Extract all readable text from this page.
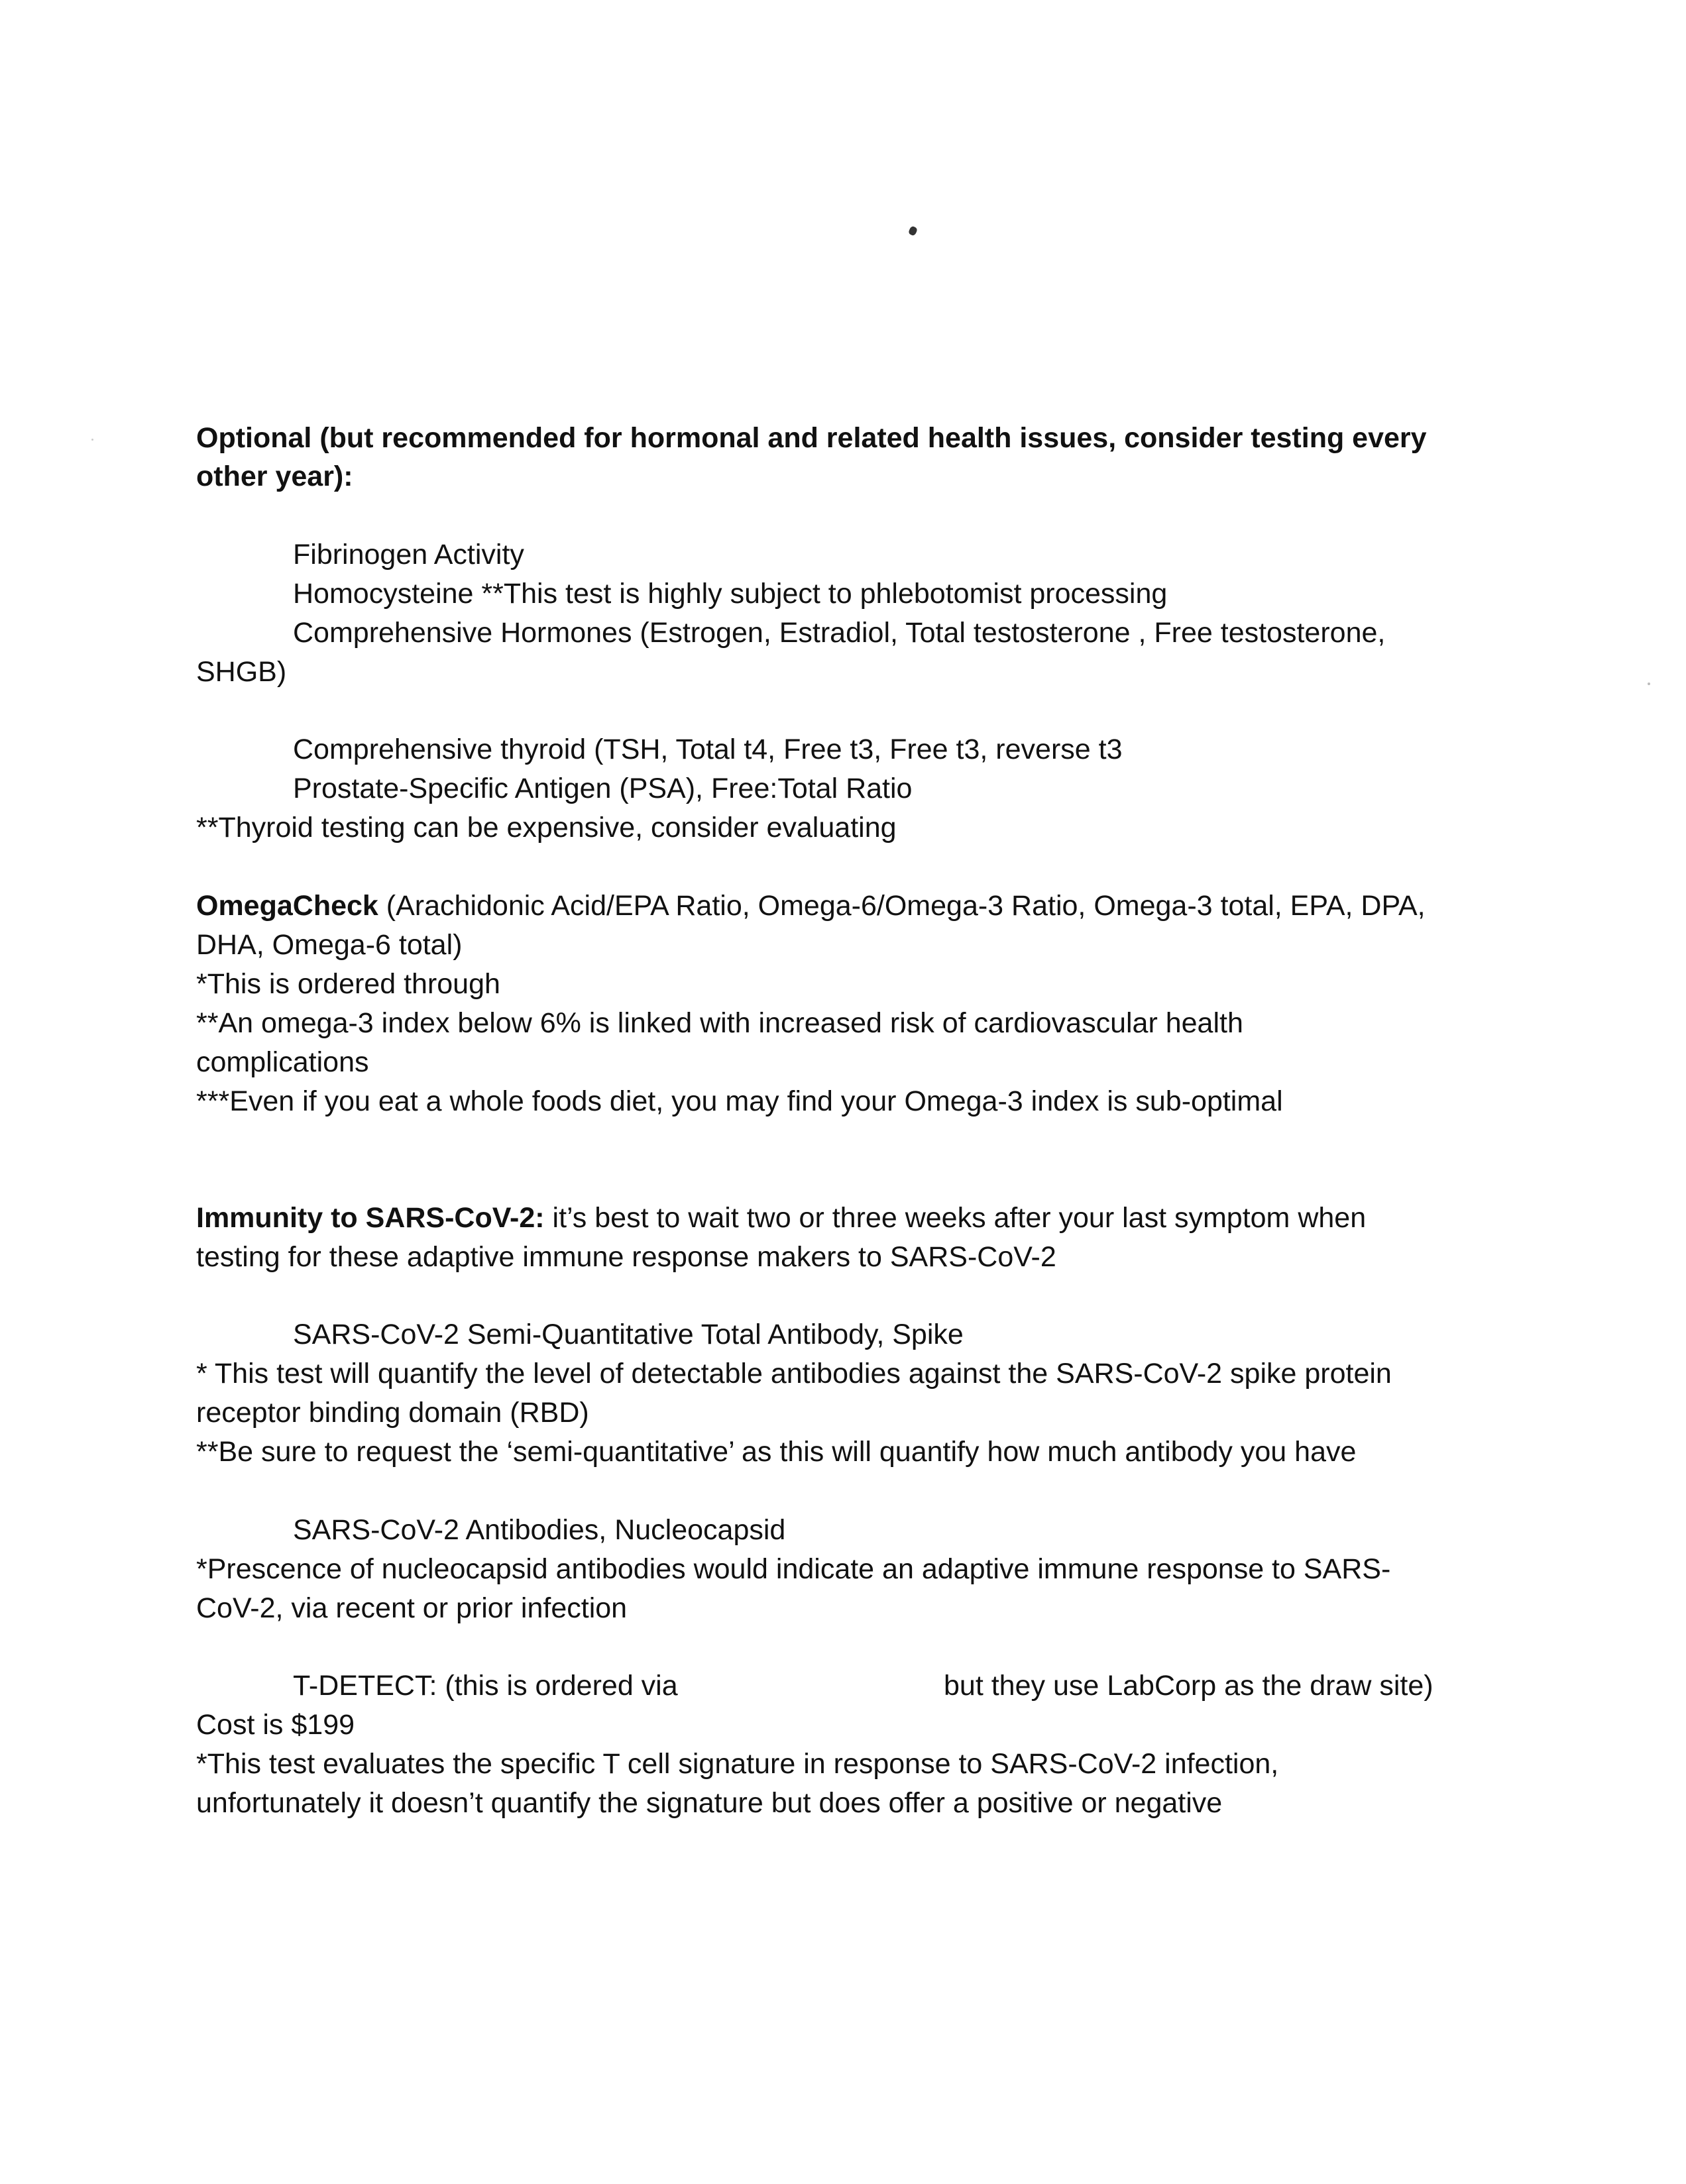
Optional (but recommended for hormonal and related health issues, consider testing every
other year):
Fibrinogen Activity
Homocysteine **This test is highly subject to phlebotomist processing
Comprehensive Hormones (Estrogen, Estradiol, Total testosterone , Free testosterone,
SHGB)
Comprehensive thyroid (TSH, Total t4, Free t3, Free t3, reverse t3
Prostate-Specific Antigen (PSA), Free:Total Ratio
**Thyroid testing can be expensive, consider evaluating
OmegaCheck (Arachidonic Acid/EPA Ratio, Omega-6/Omega-3 Ratio, Omega-3 total, EPA, DPA,
DHA, Omega-6 total)
*This is ordered through
**An omega-3 index below 6% is linked with increased risk of cardiovascular health
complications
***Even if you eat a whole foods diet, you may find your Omega-3 index is sub-optimal
Immunity to SARS-CoV-2: it’s best to wait two or three weeks after your last symptom when
testing for these adaptive immune response makers to SARS-CoV-2
SARS-CoV-2 Semi-Quantitative Total Antibody, Spike
* This test will quantify the level of detectable antibodies against the SARS-CoV-2 spike protein
receptor binding domain (RBD)
**Be sure to request the ‘semi-quantitative’ as this will quantify how much antibody you have
SARS-CoV-2 Antibodies, Nucleocapsid
*Prescence of nucleocapsid antibodies would indicate an adaptive immune response to SARS-
CoV-2, via recent or prior infection
T-DETECT: (this is ordered via	but they use LabCorp as the draw site)
Cost is $199
*This test evaluates the specific T cell signature in response to SARS-CoV-2 infection,
unfortunately it doesn’t quantify the signature but does offer a positive or negative
